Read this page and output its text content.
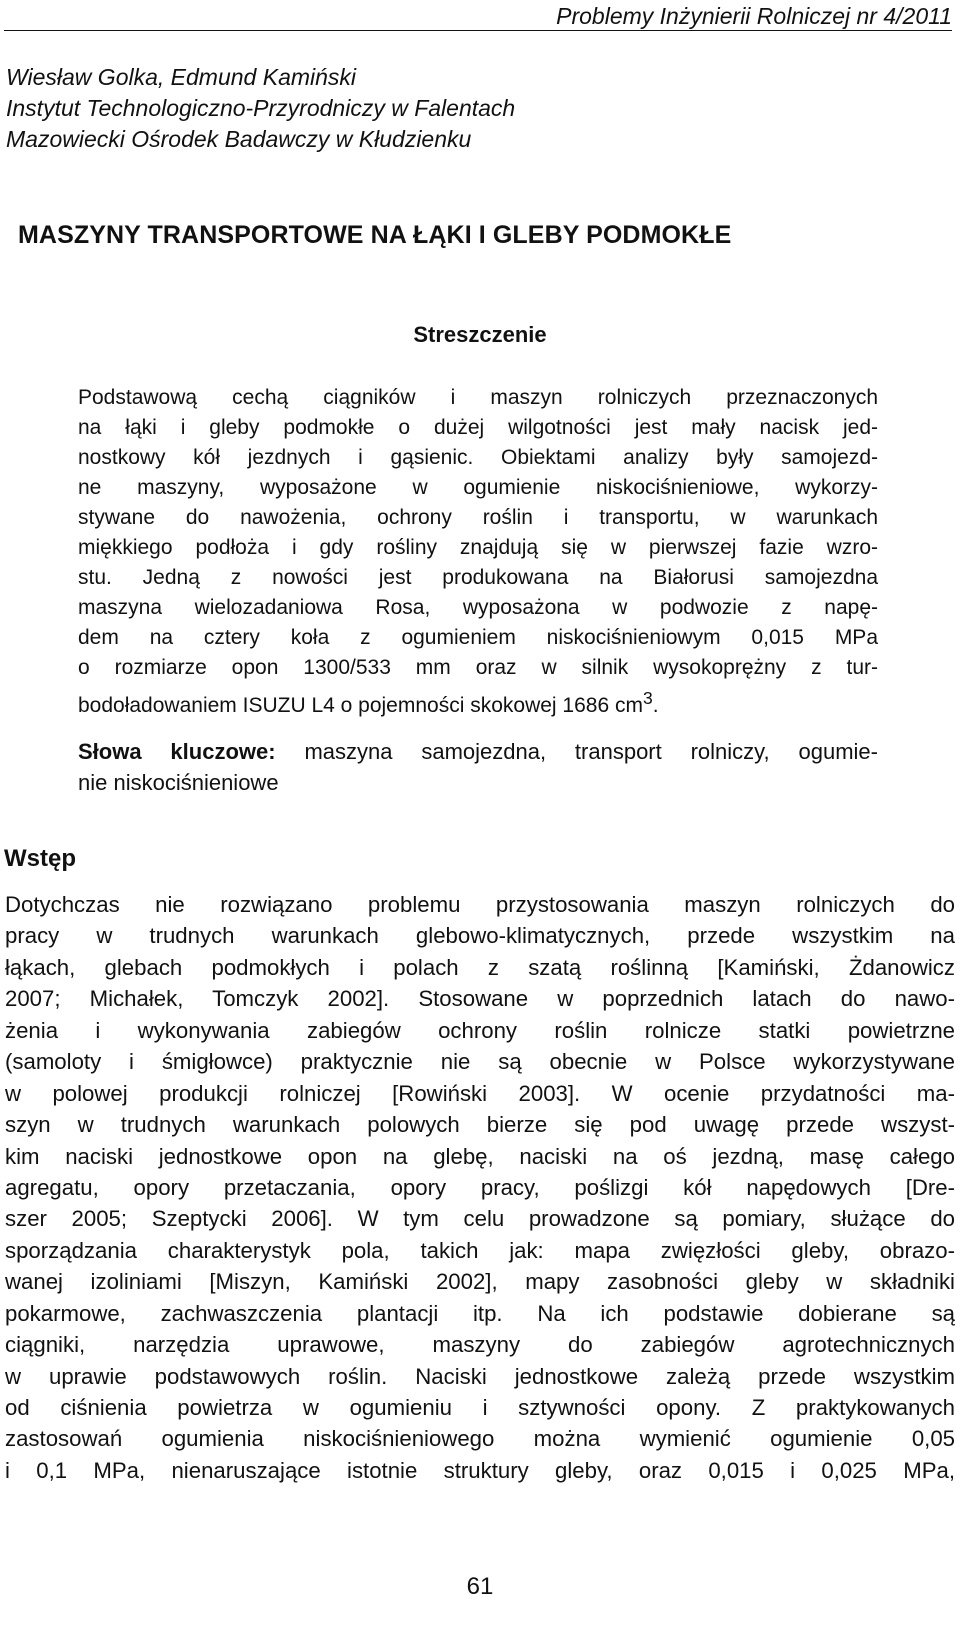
Problemy Inżynierii Rolniczej nr 4/2011
Wiesław Golka, Edmund Kamiński
Instytut Technologiczno-Przyrodniczy w Falentach
Mazowiecki Ośrodek Badawczy w Kłudzienku
MASZYNY TRANSPORTOWE NA ŁĄKI I GLEBY PODMOKŁE
Streszczenie
Podstawową cechą ciągników i maszyn rolniczych przeznaczonych
na łąki i gleby podmokłe o dużej wilgotności jest mały nacisk jed-
nostkowy kół jezdnych i gąsienic. Obiektami analizy były samojezd-
ne maszyny, wyposażone w ogumienie niskociśnieniowe, wykorzy-
stywane do nawożenia, ochrony roślin i transportu, w warunkach
miękkiego podłoża i gdy rośliny znajdują się w pierwszej fazie wzro-
stu. Jedną z nowości jest produkowana na Białorusi samojezdna
maszyna wielozadaniowa Rosa, wyposażona w podwozie z napę-
dem na cztery koła z ogumieniem niskociśnieniowym 0,015 MPa
o rozmiarze opon 1300/533 mm oraz w silnik wysokoprężny z tur-
bodoładowaniem ISUZU L4 o pojemności skokowej 1686 $cm^3$.
Słowa kluczowe: maszyna samojezdna, transport rolniczy, ogumie-
nie niskociśnieniowe
Wstęp
Dotychczas nie rozwiązano problemu przystosowania maszyn rolniczych do
pracy w trudnych warunkach glebowo-klimatycznych, przede wszystkim na
łąkach, glebach podmokłych i polach z szatą roślinną [Kamiński, Żdanowicz
2007; Michałek, Tomczyk 2002]. Stosowane w poprzednich latach do nawo-
żenia i wykonywania zabiegów ochrony roślin rolnicze statki powietrzne
(samoloty i śmigłowce) praktycznie nie są obecnie w Polsce wykorzystywane
w polowej produkcji rolniczej [Rowiński 2003]. W ocenie przydatności ma-
szyn w trudnych warunkach polowych bierze się pod uwagę przede wszyst-
kim naciski jednostkowe opon na glebę, naciski na oś jezdną, masę całego
agregatu, opory przetaczania, opory pracy, poślizgi kół napędowych [Dre-
szer 2005; Szeptycki 2006]. W tym celu prowadzone są pomiary, służące do
sporządzania charakterystyk pola, takich jak: mapa zwięzłości gleby, obrazo-
wanej izoliniami [Miszyn, Kamiński 2002], mapy zasobności gleby w składniki
pokarmowe, zachwaszczenia plantacji itp. Na ich podstawie dobierane są
ciągniki, narzędzia uprawowe, maszyny do zabiegów agrotechnicznych
w uprawie podstawowych roślin. Naciski jednostkowe zależą przede wszystkim
od ciśnienia powietrza w ogumieniu i sztywności opony. Z praktykowanych
zastosowań ogumienia niskociśnieniowego można wymienić ogumienie 0,05
i 0,1 MPa, nienaruszające istotnie struktury gleby, oraz 0,015 i 0,025 MPa,
61
